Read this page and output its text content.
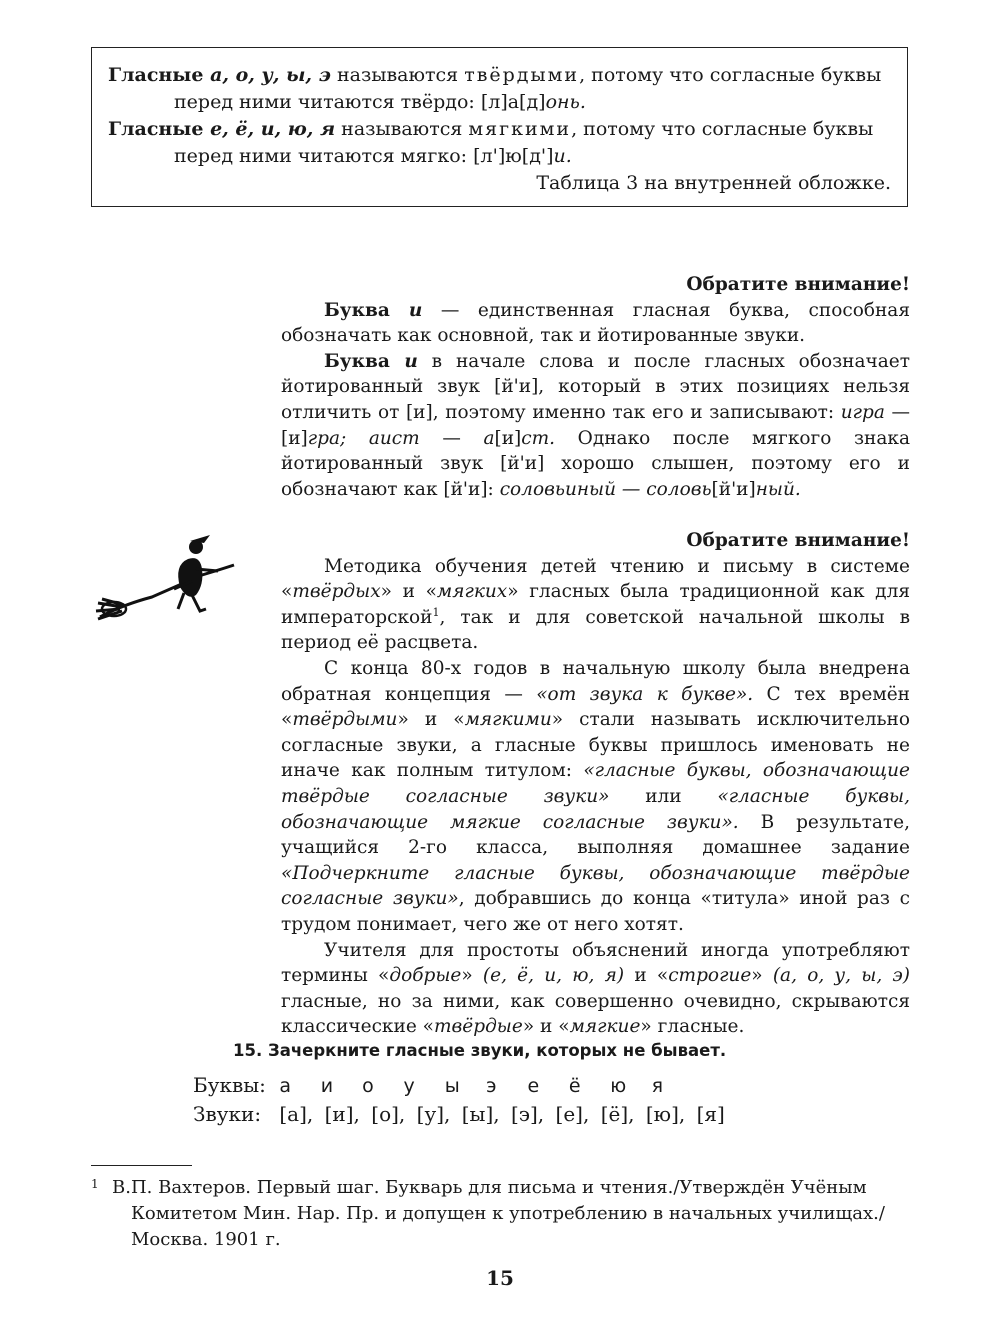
Гласные а, о, у, ы, э называются твёрдыми, потому что согласные буквы

перед ними читаются твёрдо: [л]а[д]онь.

Гласные е, ё, и, ю, я называются мягкими, потому что согласные буквы

перед ними читаются мягко: [л']ю[д']и.

Таблица 3 на внутренней обложке.

Обратите внимание!

Буква и — единственная гласная буква, способная обозначать как основной, так и йотированные звуки.

Буква и в начале слова и после гласных обозначает йотированный звук [й'и], который в этих позициях нельзя отличить от [и], поэтому именно так его и записывают: игра — [и]гра; аист — а[и]ст. Однако после мягкого знака йотированный звук [й'и] хорошо слышен, поэтому его и обозначают как [й'и]: соловьиный — соловь[й'и]ный.

Обратите внимание!

Методика обучения детей чтению и письму в системе «твёрдых» и «мягких» гласных была традиционной как для императорской$^1$, так и для советской начальной школы в период её расцвета.

С конца 80-х годов в начальную школу была внедрена обратная концепция — «от звука к букве». С тех времён «твёрдыми» и «мягкими» стали называть исключительно согласные звуки, а гласные буквы пришлось именовать не иначе как полным титулом: «гласные буквы, обозначающие твёрдые согласные звуки» или «гласные буквы, обозначающие мягкие согласные звуки». В результате, учащийся 2-го класса, выполняя домашнее задание «Подчеркните гласные буквы, обозначающие твёрдые согласные звуки», добравшись до конца «титула» иной раз с трудом понимает, чего же от него хотят.

Учителя для простоты объяснений иногда употребляют термины «добрые» (е, ё, и, ю, я) и «строгие» (а, о, у, ы, э) гласные, но за ними, как совершенно очевидно, скрываются классические «твёрдые» и «мягкие» гласные.

15. Зачеркните гласные звуки, которых не бывает.
Буквы: а и о у ы э е ё ю я
Звуки: [а], [и], [о], [у], [ы], [э], [е], [ё], [ю], [я]
1 В.П. Вахтеров. Первый шаг. Букварь для письма и чтения./Утверждён Учёным

Комитетом Мин. Нар. Пр. и допущен к употреблению в начальных училищах./

Москва. 1901 г.

15
